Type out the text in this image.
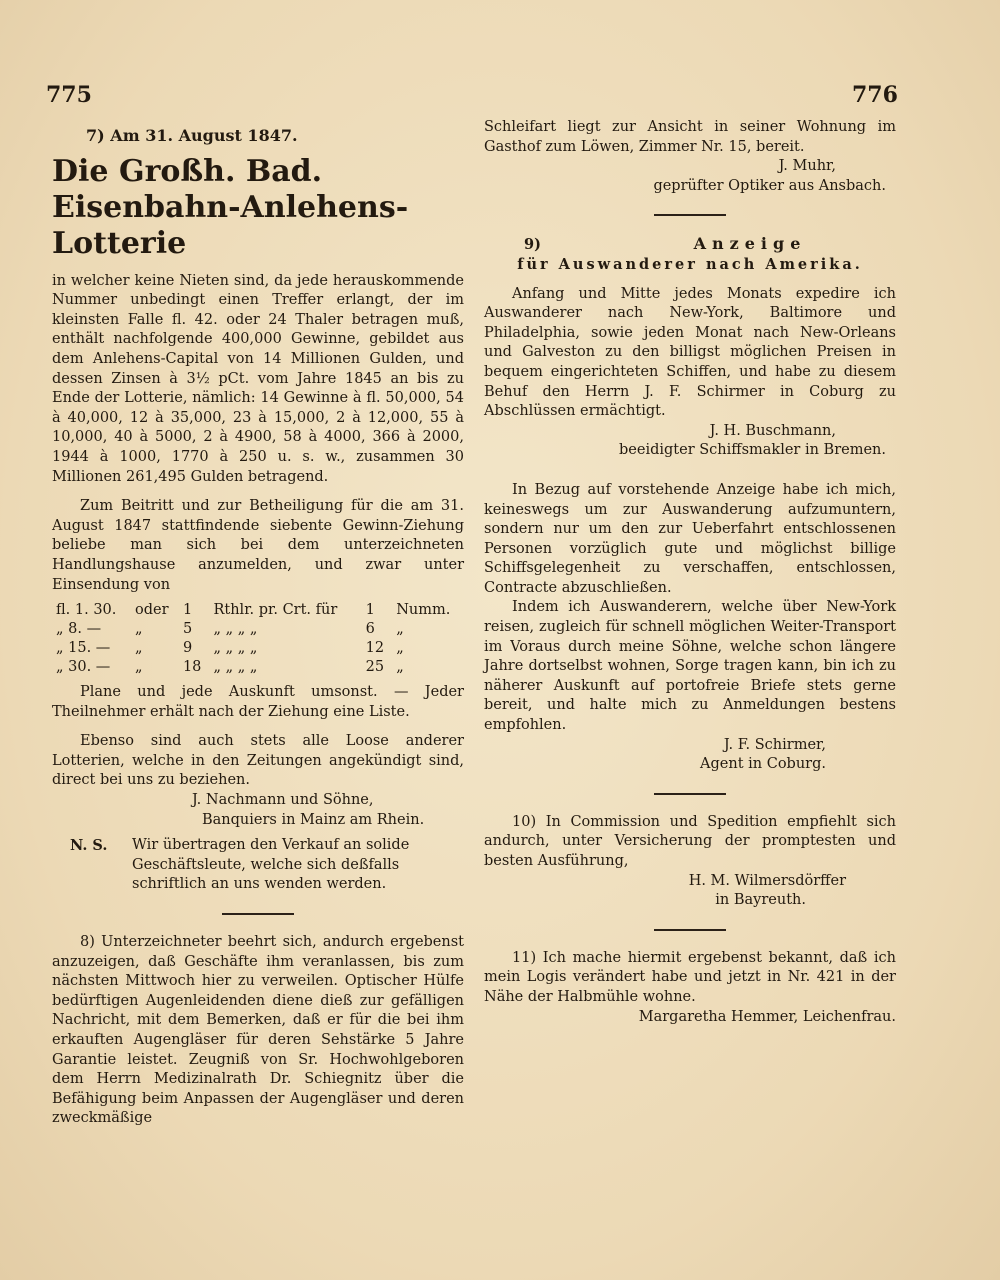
775	776
7) Am 31. August 1847.
Die Großh. Bad. Eisenbahn-Anlehens-Lotterie

in welcher keine Nieten sind, da jede herauskommende Nummer unbedingt einen Treffer erlangt, der im kleinsten Falle fl. 42. oder 24 Thaler betragen muß, enthält nachfolgende 400,000 Gewinne, gebildet aus dem Anlehens-Capital von 14 Millionen Gulden, und dessen Zinsen à 3½ pCt. vom Jahre 1845 an bis zu Ende der Lotterie, nämlich: 14 Gewinne à fl. 50,000, 54 à 40,000, 12 à 35,000, 23 à 15,000, 2 à 12,000, 55 à 10,000, 40 à 5000, 2 à 4900, 58 à 4000, 366 à 2000, 1944 à 1000, 1770 à 250 u. s. w., zusammen 30 Millionen 261,495 Gulden betragend.

Zum Beitritt und zur Betheiligung für die am 31. August 1847 stattfindende siebente Gewinn-Ziehung beliebe man sich bei dem unterzeichneten Handlungshause anzumelden, und zwar unter Einsendung von

fl. 1. 30.	oder	1	Rthlr. pr. Crt. für	1	Numm.
„ 8. —	„	5	„ „ „ „	6	„
„ 15. —	„	9	„ „ „ „	12	„
„ 30. —	„	18	„ „ „ „	25	„

Plane und jede Auskunft umsonst. — Jeder Theilnehmer erhält nach der Ziehung eine Liste.

Ebenso sind auch stets alle Loose anderer Lotterien, welche in den Zeitungen angekündigt sind, direct bei uns zu beziehen.

J. Nachmann und Söhne,
Banquiers in Mainz am Rhein.
N. S.	Wir übertragen den Verkauf an solide Geschäftsleute, welche sich deßfalls schriftlich an uns wenden werden.

8) Unterzeichneter beehrt sich, andurch ergebenst anzuzeigen, daß Geschäfte ihm veranlassen, bis zum nächsten Mittwoch hier zu verweilen. Optischer Hülfe bedürftigen Augenleidenden diene dieß zur gefälligen Nachricht, mit dem Bemerken, daß er für die bei ihm erkauften Augengläser für deren Sehstärke 5 Jahre Garantie leistet. Zeugniß von Sr. Hochwohlgeboren dem Herrn Medizinalrath Dr. Schiegnitz über die Befähigung beim Anpassen der Augengläser und deren zweckmäßige

Schleifart liegt zur Ansicht in seiner Wohnung im Gasthof zum Löwen, Zimmer Nr. 15, bereit.

J. Muhr,
geprüfter Optiker aus Ansbach.
9)	Anzeige
für Auswanderer nach Amerika.

Anfang und Mitte jedes Monats expedire ich Auswanderer nach New-York, Baltimore und Philadelphia, sowie jeden Monat nach New-Orleans und Galveston zu den billigst möglichen Preisen in bequem eingerichteten Schiffen, und habe zu diesem Behuf den Herrn J. F. Schirmer in Coburg zu Abschlüssen ermächtigt.

J. H. Buschmann,
beeidigter Schiffsmakler in Bremen.

In Bezug auf vorstehende Anzeige habe ich mich, keineswegs um zur Auswanderung aufzumuntern, sondern nur um den zur Ueberfahrt entschlossenen Personen vorzüglich gute und möglichst billige Schiffsgelegenheit zu verschaffen, entschlossen, Contracte abzuschließen.

Indem ich Auswanderern, welche über New-York reisen, zugleich für schnell möglichen Weiter-Transport im Voraus durch meine Söhne, welche schon längere Jahre dortselbst wohnen, Sorge tragen kann, bin ich zu näherer Auskunft auf portofreie Briefe stets gerne bereit, und halte mich zu Anmeldungen bestens empfohlen.

J. F. Schirmer,
Agent in Coburg.

10) In Commission und Spedition empfiehlt sich andurch, unter Versicherung der promptesten und besten Ausführung,

H. M. Wilmersdörffer
in Bayreuth.

11) Ich mache hiermit ergebenst bekannt, daß ich mein Logis verändert habe und jetzt in Nr. 421 in der Nähe der Halbmühle wohne.

Margaretha Hemmer, Leichenfrau.
